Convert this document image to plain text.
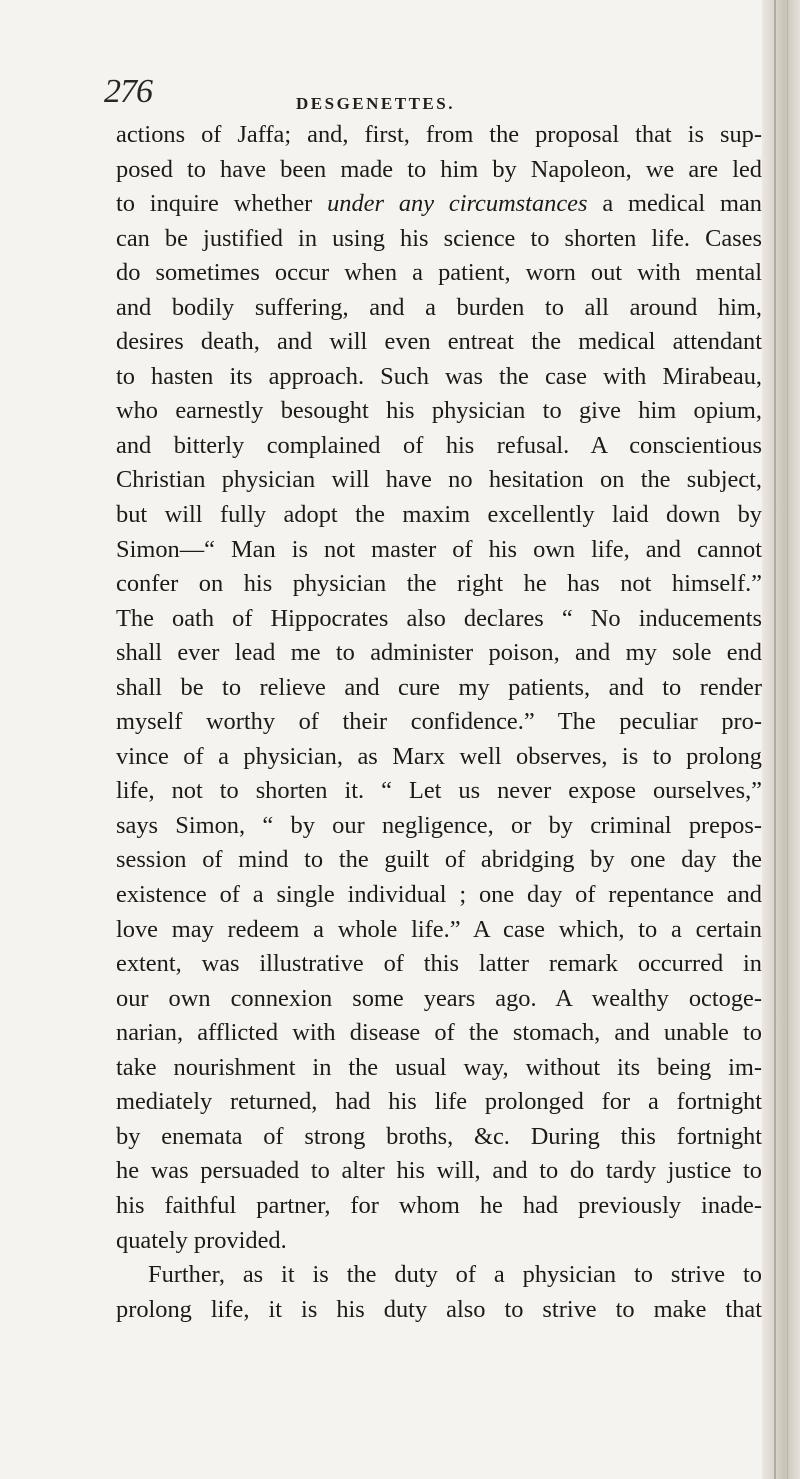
276	DESGENETTES.
actions of Jaffa; and, first, from the proposal that is sup-
posed to have been made to him by Napoleon, we are led
to inquire whether under any circumstances a medical man
can be justified in using his science to shorten life. Cases
do sometimes occur when a patient, worn out with mental
and bodily suffering, and a burden to all around him,
desires death, and will even entreat the medical attendant
to hasten its approach. Such was the case with Mirabeau,
who earnestly besought his physician to give him opium,
and bitterly complained of his refusal. A conscientious
Christian physician will have no hesitation on the subject,
but will fully adopt the maxim excellently laid down by
Simon—“ Man is not master of his own life, and cannot
confer on his physician the right he has not himself.”
The oath of Hippocrates also declares “ No inducements
shall ever lead me to administer poison, and my sole end
shall be to relieve and cure my patients, and to render
myself worthy of their confidence.” The peculiar pro-
vince of a physician, as Marx well observes, is to prolong
life, not to shorten it. “ Let us never expose ourselves,”
says Simon, “ by our negligence, or by criminal prepos-
session of mind to the guilt of abridging by one day the
existence of a single individual ; one day of repentance and
love may redeem a whole life.” A case which, to a certain
extent, was illustrative of this latter remark occurred in
our own connexion some years ago. A wealthy octoge-
narian, afflicted with disease of the stomach, and unable to
take nourishment in the usual way, without its being im-
mediately returned, had his life prolonged for a fortnight
by enemata of strong broths, &c. During this fortnight
he was persuaded to alter his will, and to do tardy justice to
his faithful partner, for whom he had previously inade-
quately provided.
Further, as it is the duty of a physician to strive to
prolong life, it is his duty also to strive to make that
